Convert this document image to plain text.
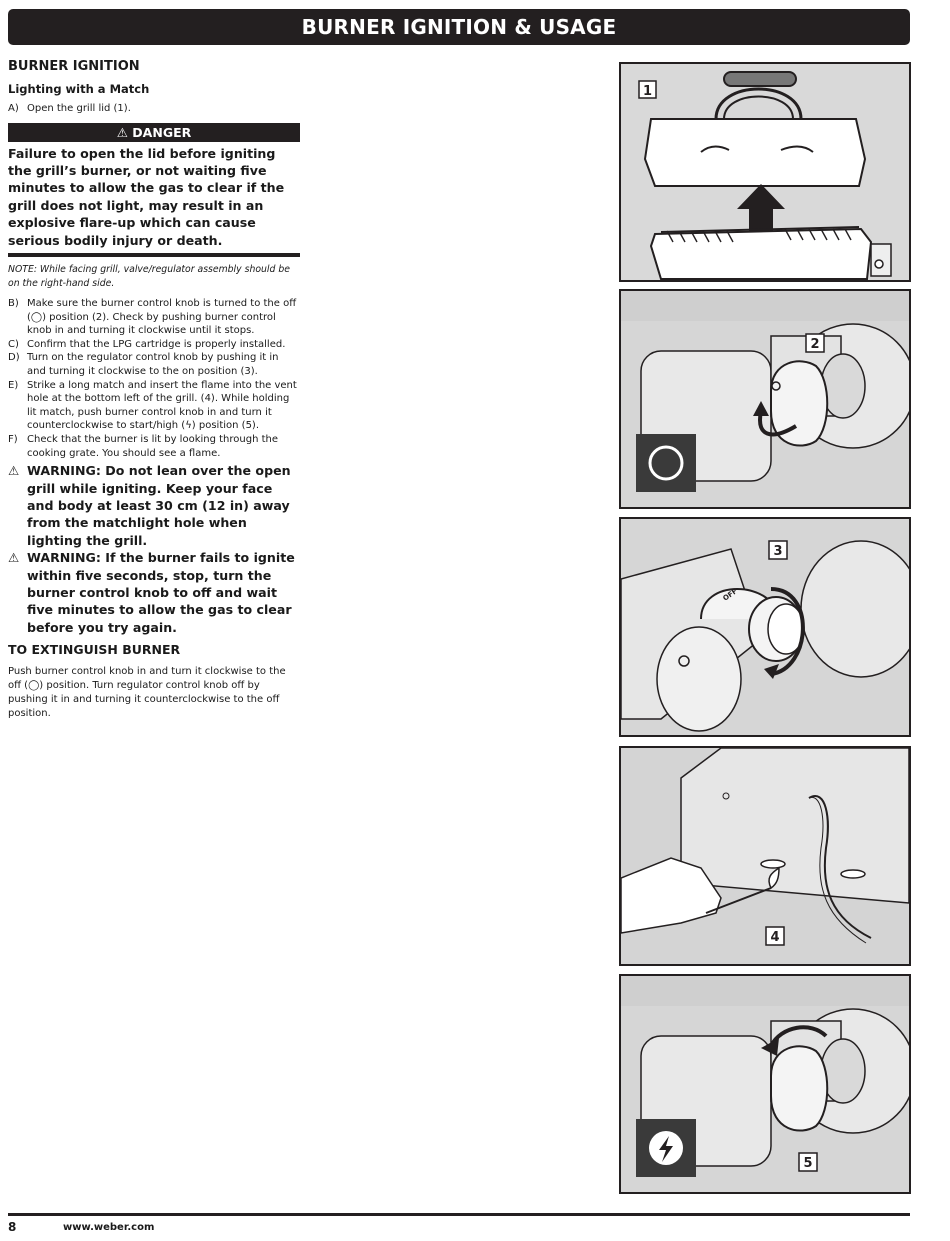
BURNER IGNITION & USAGE
BURNER IGNITION
Lighting with a Match
A) Open the grill lid (1).
⚠ DANGER
Failure to open the lid before igniting the grill’s burner, or not waiting five minutes to allow the gas to clear if the grill does not light, may result in an explosive flare-up which can cause serious bodily injury or death.
NOTE: While facing grill, valve/regulator assembly should be on the right-hand side.
B) Make sure the burner control knob is turned to the off (◯) position (2). Check by pushing burner control knob in and turning it clockwise until it stops.
C) Confirm that the LPG cartridge is properly installed.
D) Turn on the regulator control knob by pushing it in and turning it clockwise to the on position (3).
E) Strike a long match and insert the flame into the vent hole at the bottom left of the grill. (4). While holding lit match, push burner control knob in and turn it counterclockwise to start/high (ϟ) position (5).
F) Check that the burner is lit by looking through the cooking grate. You should see a flame.
⚠ WARNING: Do not lean over the open grill while igniting. Keep your face and body at least 30 cm (12 in) away from the matchlight hole when lighting the grill.
⚠ WARNING: If the burner fails to ignite within five seconds, stop, turn the burner control knob to off and wait five minutes to allow the gas to clear before you try again.
TO EXTINGUISH BURNER
Push burner control knob in and turn it clockwise to the off (◯) position. Turn regulator control knob off by pushing it in and turning it counterclockwise to the off position.
1
2
OFF
3
4
5
8	www.weber.com
